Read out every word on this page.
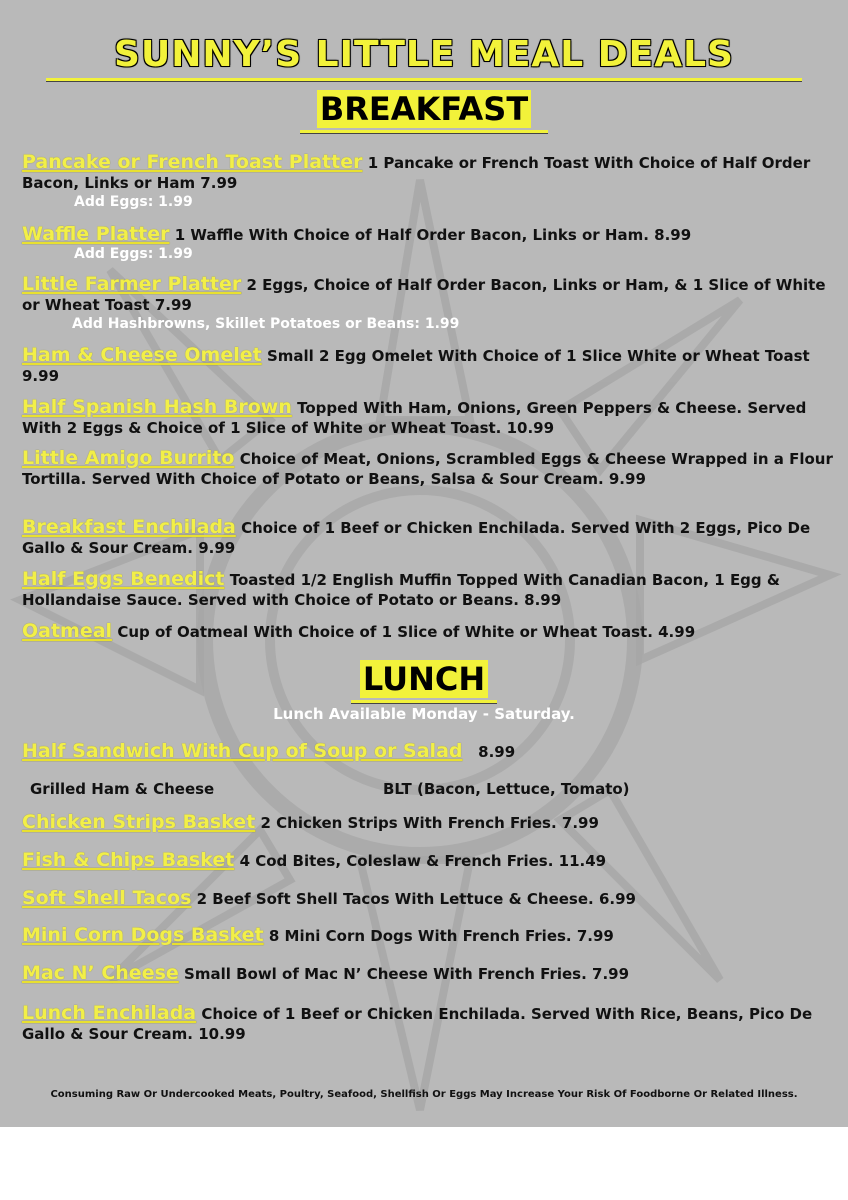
SUNNY’S LITTLE MEAL DEALS
BREAKFAST
Pancake or French Toast Platter 1 Pancake or French Toast With Choice of Half Order Bacon, Links or Ham 7.99
Add Eggs: 1.99
Waffle Platter 1 Waffle With Choice of Half Order Bacon, Links or Ham. 8.99
Add Eggs: 1.99
Little Farmer Platter 2 Eggs, Choice of Half Order Bacon, Links or Ham, & 1 Slice of White or Wheat Toast 7.99
Add Hashbrowns, Skillet Potatoes or Beans: 1.99
Ham & Cheese Omelet Small 2 Egg Omelet With Choice of 1 Slice White or Wheat Toast 9.99
Half Spanish Hash Brown Topped With Ham, Onions, Green Peppers & Cheese. Served With 2 Eggs & Choice of 1 Slice of White or Wheat Toast. 10.99
Little Amigo Burrito Choice of Meat, Onions, Scrambled Eggs & Cheese Wrapped in a Flour Tortilla. Served With Choice of Potato or Beans, Salsa & Sour Cream. 9.99
Breakfast Enchilada Choice of 1 Beef or Chicken Enchilada. Served With 2 Eggs, Pico De Gallo & Sour Cream. 9.99
Half Eggs Benedict Toasted 1/2 English Muffin Topped With Canadian Bacon, 1 Egg & Hollandaise Sauce. Served with Choice of Potato or Beans. 8.99
Oatmeal Cup of Oatmeal With Choice of 1 Slice of White or Wheat Toast. 4.99
LUNCH

Lunch Available Monday - Saturday.

Half Sandwich With Cup of Soup or Salad 8.99
Grilled Ham & Cheese	BLT (Bacon, Lettuce, Tomato)
Chicken Strips Basket 2 Chicken Strips With French Fries. 7.99
Fish & Chips Basket 4 Cod Bites, Coleslaw & French Fries. 11.49
Soft Shell Tacos 2 Beef Soft Shell Tacos With Lettuce & Cheese. 6.99
Mini Corn Dogs Basket 8 Mini Corn Dogs With French Fries. 7.99
Mac N’ Cheese Small Bowl of Mac N’ Cheese With French Fries. 7.99
Lunch Enchilada Choice of 1 Beef or Chicken Enchilada. Served With Rice, Beans, Pico De Gallo & Sour Cream. 10.99

Consuming Raw Or Undercooked Meats, Poultry, Seafood, Shellfish Or Eggs May Increase Your Risk Of Foodborne Or Related Illness.
